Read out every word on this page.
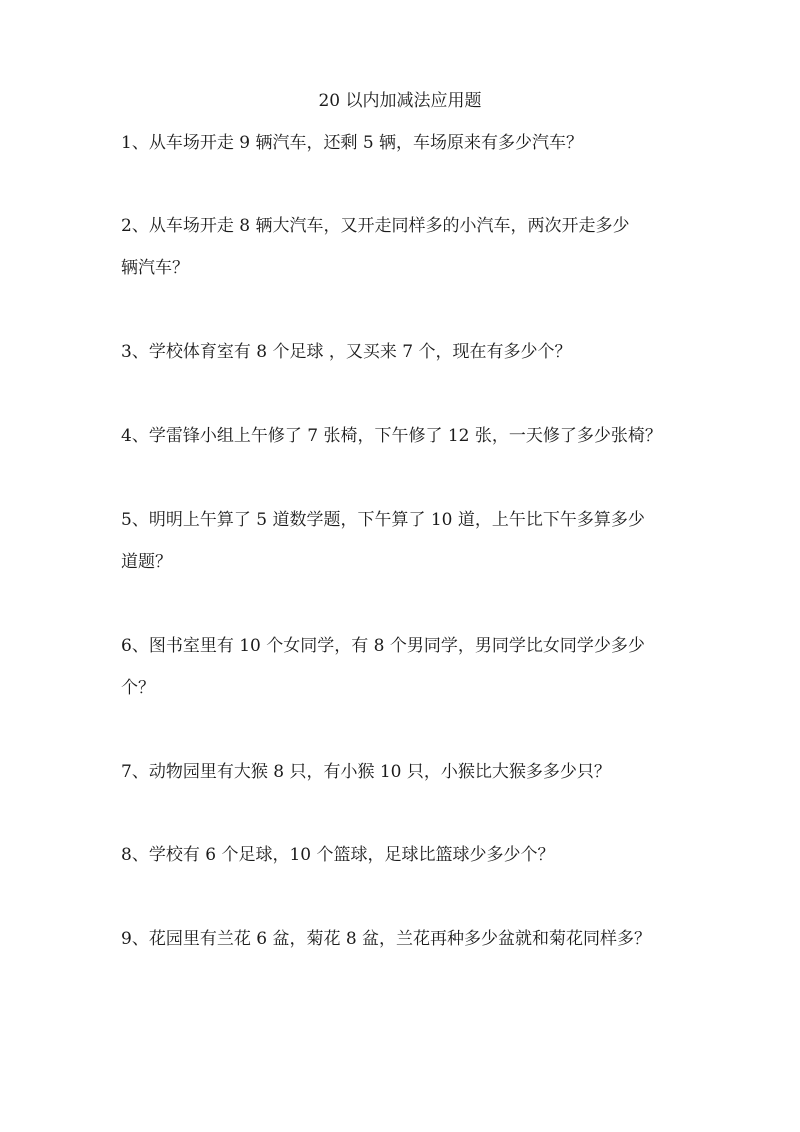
20 以内加减法应用题
1、从车场开走 9 辆汽车，还剩 5 辆，车场原来有多少汽车？
2、从车场开走 8 辆大汽车，又开走同样多的小汽车，两次开走多少
辆汽车？
3、学校体育室有 8 个足球 ，又买来 7 个，现在有多少个？
4、学雷锋小组上午修了 7 张椅，下午修了 12 张，一天修了多少张椅？
5、明明上午算了 5 道数学题，下午算了 10 道，上午比下午多算多少
道题？
6、图书室里有 10 个女同学，有 8 个男同学，男同学比女同学少多少
个？
7、动物园里有大猴 8 只，有小猴 10 只，小猴比大猴多多少只？
8、学校有 6 个足球，10 个篮球，足球比篮球少多少个？
9、花园里有兰花 6 盆，菊花 8 盆，兰花再种多少盆就和菊花同样多？
